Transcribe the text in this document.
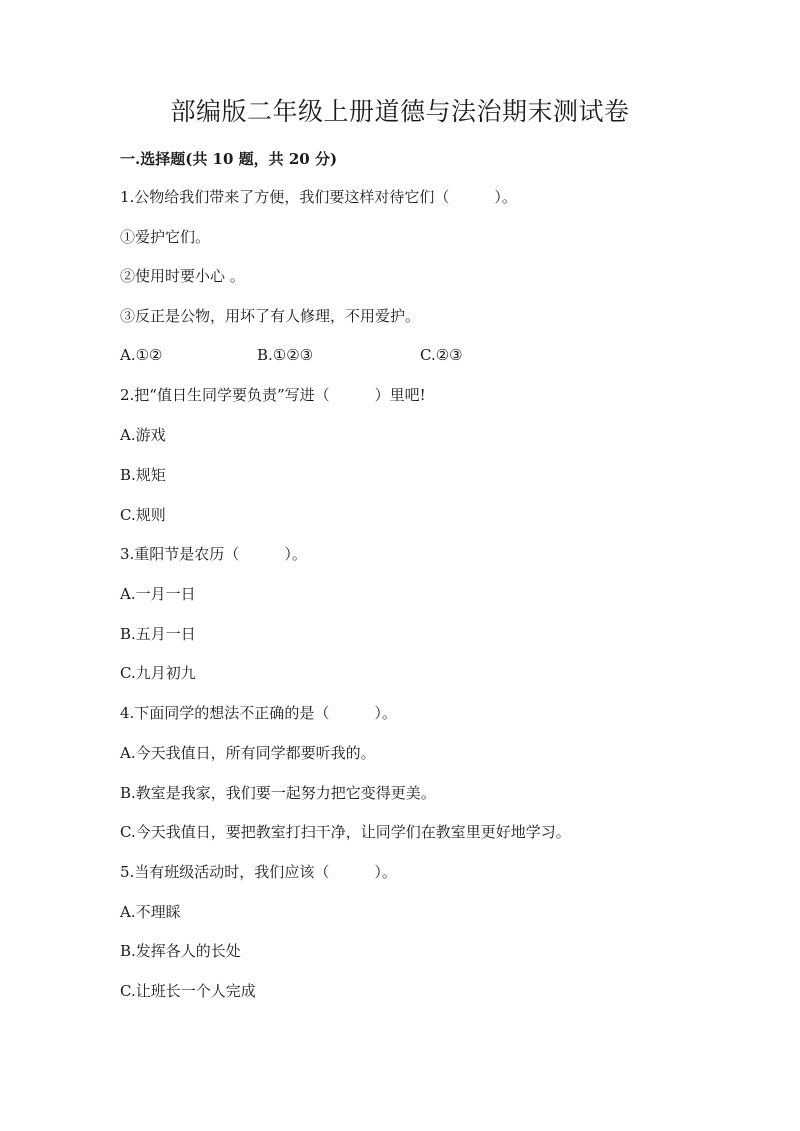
部编版二年级上册道德与法治期末测试卷

一.选择题(共 10 题，共 20 分)

1.公物给我们带来了方便，我们要这样对待它们（　　　）。

①爱护它们。

②使用时要小心 。

③反正是公物，用坏了有人修理，不用爱护。

A.①②	B.①②③	C.②③

2.把“值日生同学要负责”写进（　　　）里吧!

A.游戏

B.规矩

C.规则

3.重阳节是农历（　　　）。

A.一月一日

B.五月一日

C.九月初九

4.下面同学的想法不正确的是（　　　）。

A.今天我值日，所有同学都要听我的。

B.教室是我家，我们要一起努力把它变得更美。

C.今天我值日，要把教室打扫干净，让同学们在教室里更好地学习。

5.当有班级活动时，我们应该（　　　）。

A.不理睬

B.发挥各人的长处

C.让班长一个人完成
